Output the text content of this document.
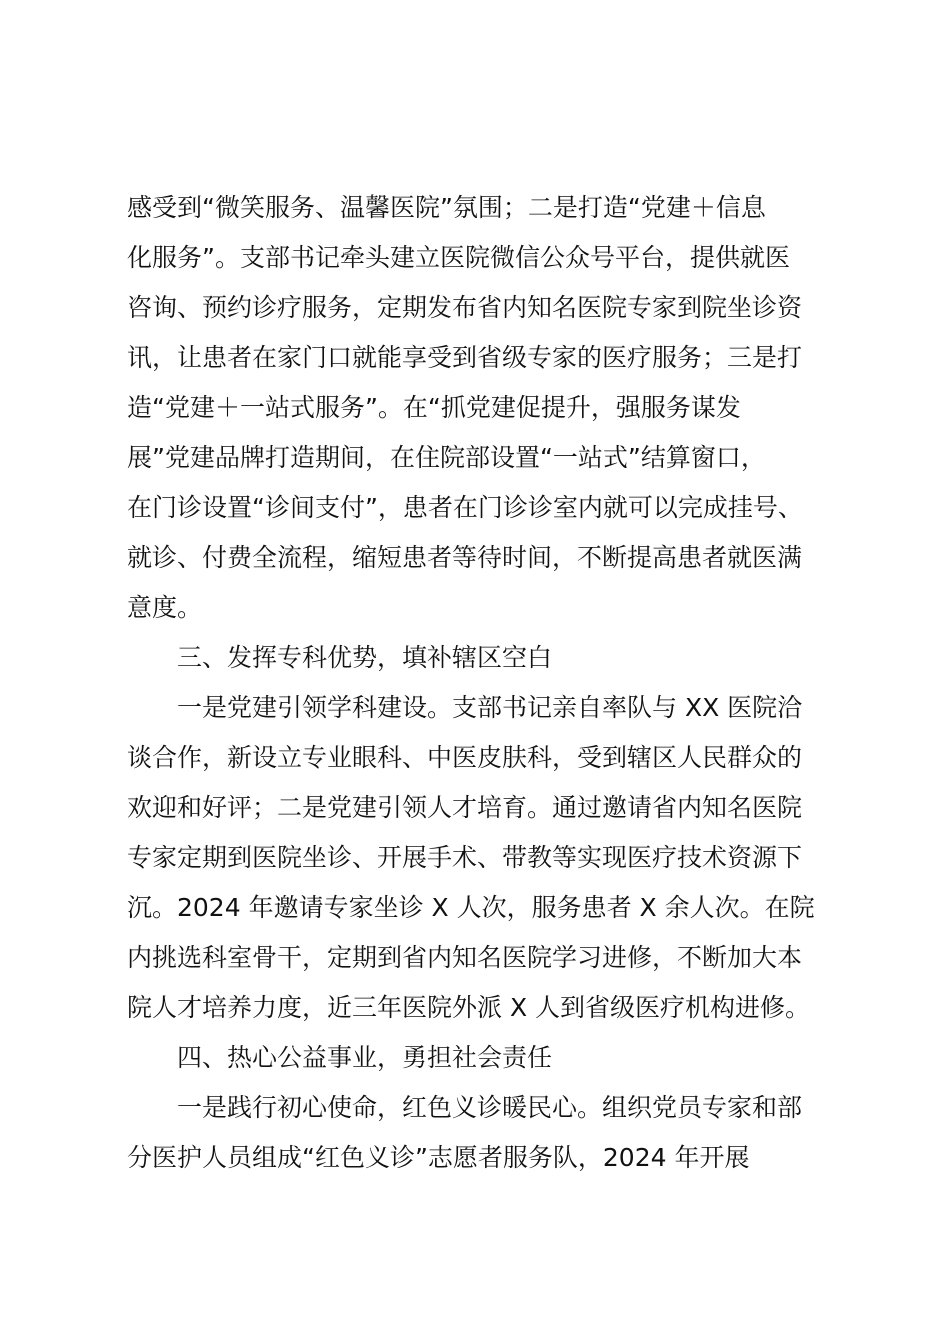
感受到“微笑服务、温馨医院”氛围；二是打造“党建＋信息
化服务”。支部书记牵头建立医院微信公众号平台，提供就医
咨询、预约诊疗服务，定期发布省内知名医院专家到院坐诊资
讯，让患者在家门口就能享受到省级专家的医疗服务；三是打
造“党建＋一站式服务”。在“抓党建促提升，强服务谋发
展”党建品牌打造期间，在住院部设置“一站式”结算窗口，
在门诊设置“诊间支付”，患者在门诊诊室内就可以完成挂号、
就诊、付费全流程，缩短患者等待时间，不断提高患者就医满
意度。
三、发挥专科优势，填补辖区空白
一是党建引领学科建设。支部书记亲自率队与 XX 医院洽
谈合作，新设立专业眼科、中医皮肤科，受到辖区人民群众的
欢迎和好评；二是党建引领人才培育。通过邀请省内知名医院
专家定期到医院坐诊、开展手术、带教等实现医疗技术资源下
沉。2024 年邀请专家坐诊 X 人次，服务患者 X 余人次。在院
内挑选科室骨干，定期到省内知名医院学习进修，不断加大本
院人才培养力度，近三年医院外派 X 人到省级医疗机构进修。
四、热心公益事业，勇担社会责任
一是践行初心使命，红色义诊暖民心。组织党员专家和部
分医护人员组成“红色义诊”志愿者服务队，2024 年开展
